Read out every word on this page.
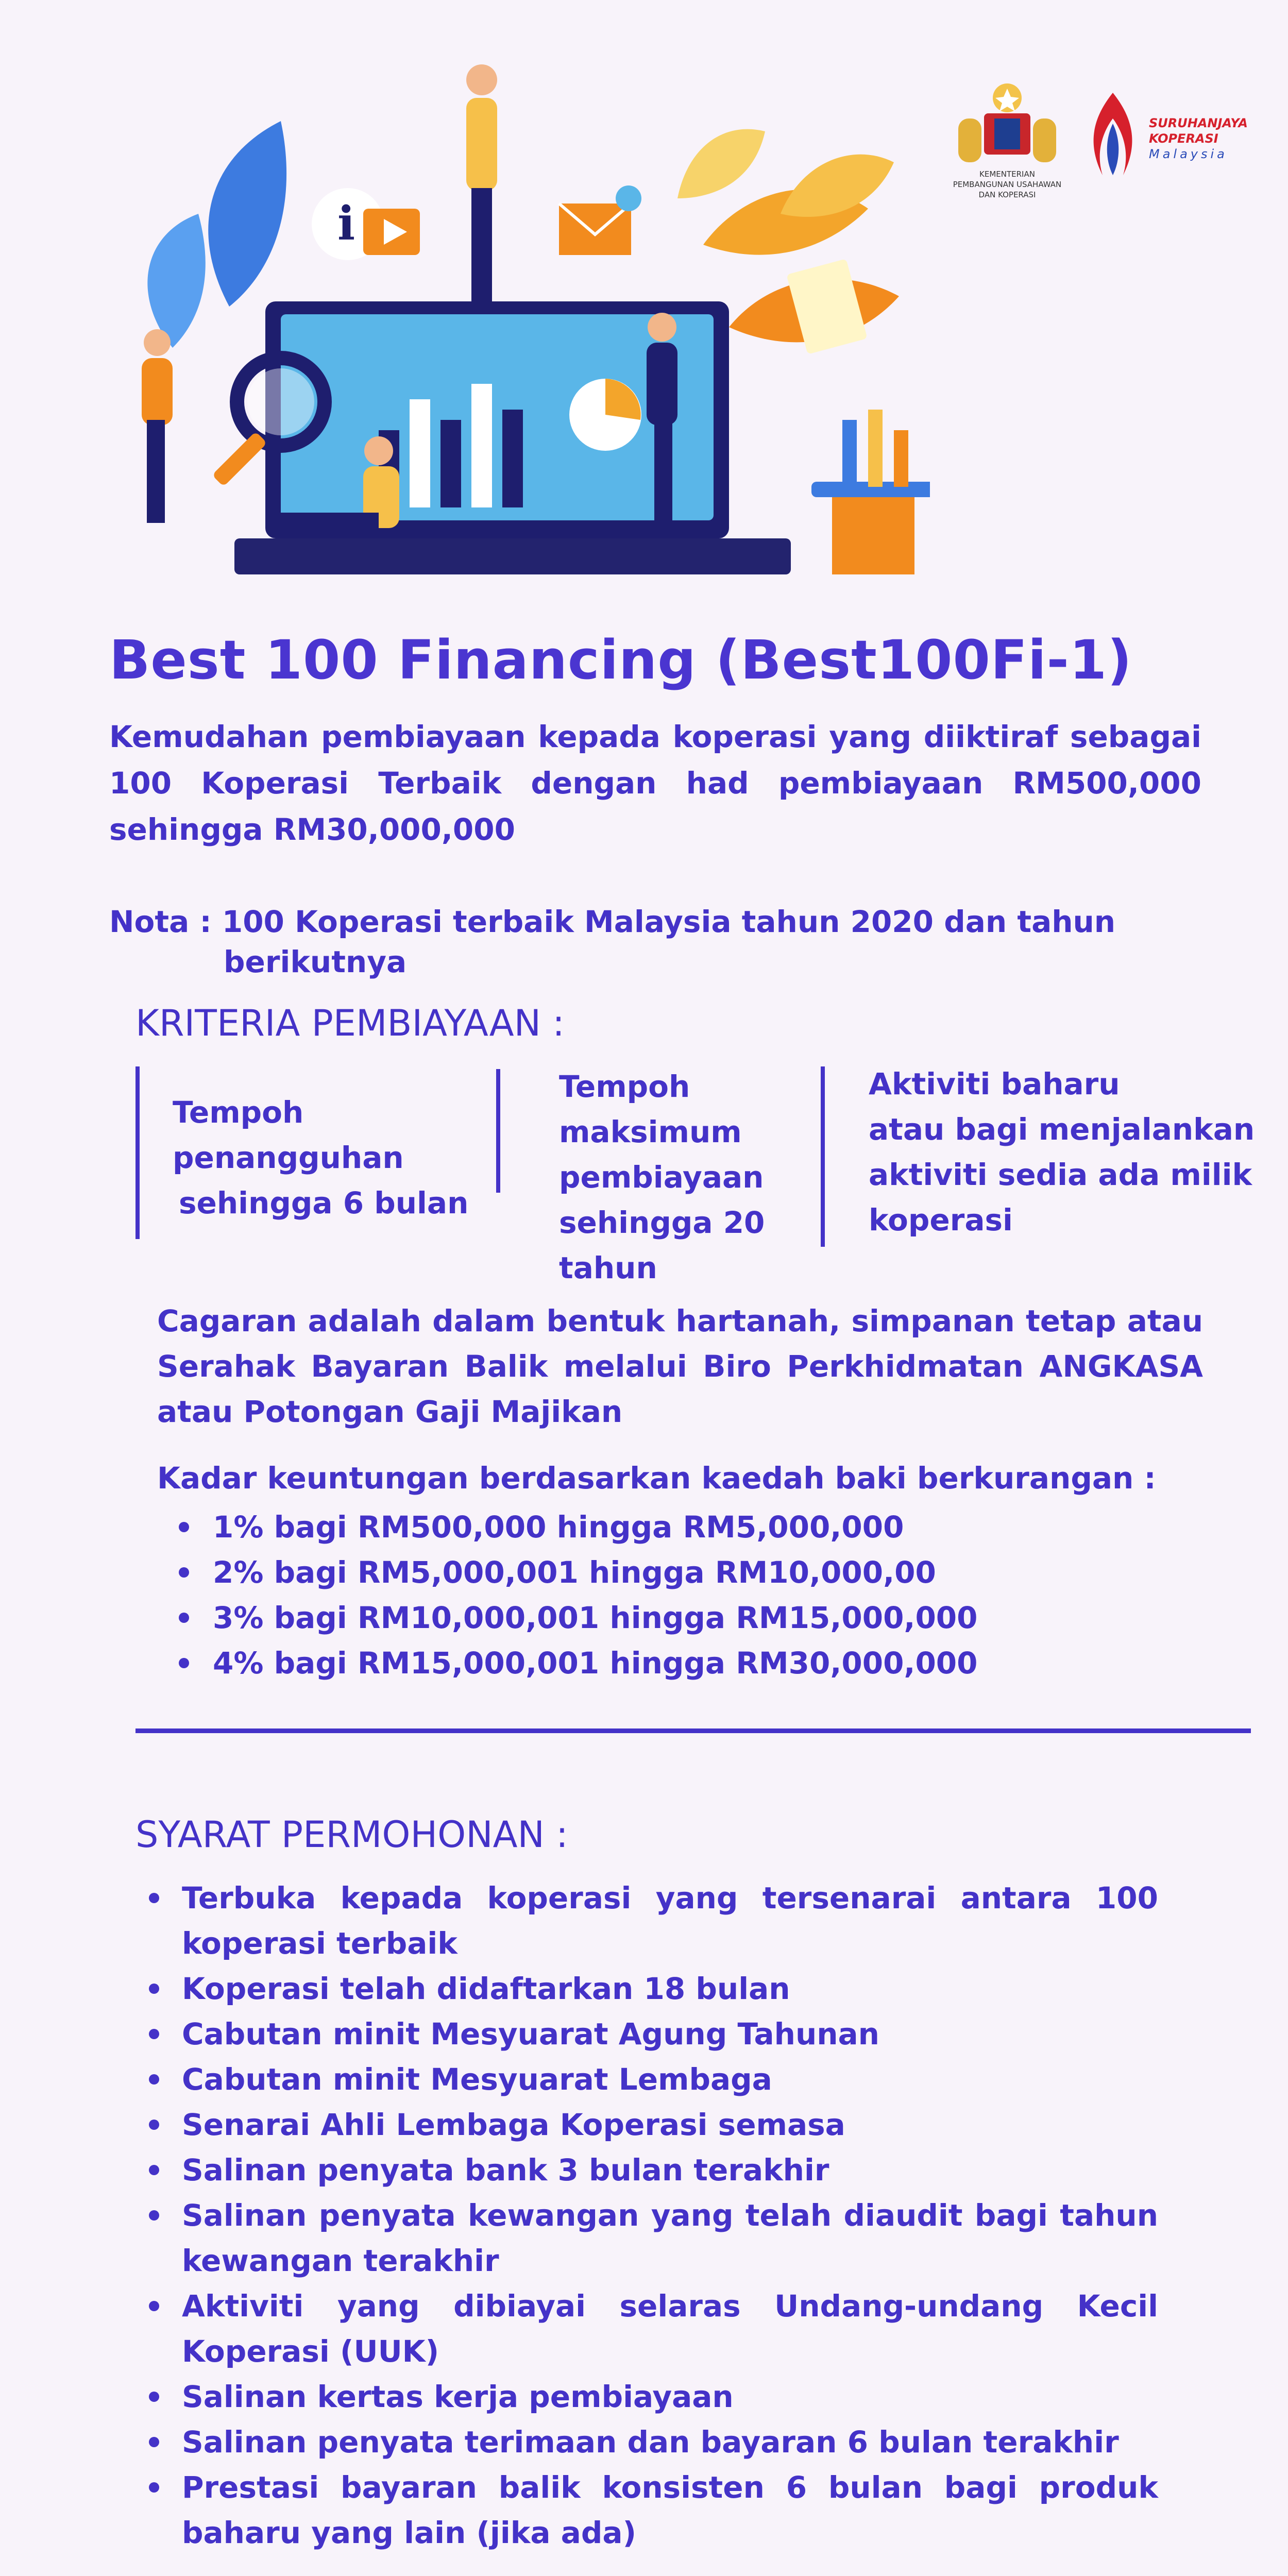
i
KEMENTERIAN PEMBANGUNAN USAHAWAN DAN KOPERASI
SURUHANJAYA
KOPERASI
Malaysia
Best 100 Financing (Best100Fi-1)
Kemudahan pembiayaan kepada koperasi yang diiktiraf sebagai 100 Koperasi Terbaik dengan had pembiayaan RM500,000 sehingga RM30,000,000
Nota : 100 Koperasi terbaik Malaysia tahun 2020 dan tahun
berikutnya
KRITERIA PEMBIAYAAN :
Tempoh
penangguhan
sehingga 6 bulan
Tempoh
maksimum
pembiayaan
sehingga 20
tahun
Aktiviti baharu
atau bagi menjalankan
aktiviti sedia ada milik
koperasi
Cagaran adalah dalam bentuk hartanah, simpanan tetap atau Serahak Bayaran Balik melalui Biro Perkhidmatan ANGKASA atau Potongan Gaji Majikan
Kadar keuntungan berdasarkan kaedah baki berkurangan :
1% bagi RM500,000 hingga RM5,000,000
2% bagi RM5,000,001 hingga RM10,000,00
3% bagi RM10,000,001 hingga RM15,000,000
4% bagi RM15,000,001 hingga RM30,000,000
SYARAT PERMOHONAN :
Terbuka kepada koperasi yang tersenarai antara 100 koperasi terbaik
Koperasi telah didaftarkan 18 bulan
Cabutan minit Mesyuarat Agung Tahunan
Cabutan minit Mesyuarat Lembaga
Senarai Ahli Lembaga Koperasi semasa
Salinan penyata bank 3 bulan terakhir
Salinan penyata kewangan yang telah diaudit bagi tahun kewangan terakhir
Aktiviti yang dibiayai selaras Undang-undang Kecil Koperasi (UUK)
Salinan kertas kerja pembiayaan
Salinan penyata terimaan dan bayaran 6 bulan terakhir
Prestasi bayaran balik konsisten 6 bulan bagi produk baharu yang lain (jika ada)
